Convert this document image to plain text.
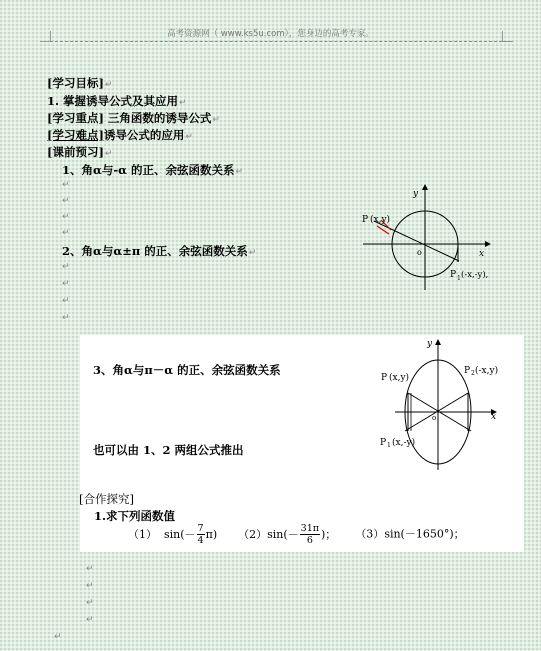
高考资源网（ www.ks5u.com），您身边的高考专家。
[学习目标]↵
1. 掌握诱导公式及其应用↵
[学习重点] 三角函数的诱导公式↵
[学习难点]诱导公式的应用↵
[课前预习]↵
1、角α与-α 的正、余弦函数关系↵
↵
↵
↵
↵
2、角α与α±π 的正、余弦函数关系↵
↵
↵
↵
↵
y
x
o
P (x,y)
P 1 (-x,-y),
3、角α与π－α 的正、余弦函数关系
也可以由 1、2 两组公式推出
[合作探究]
1.求下列函数值
（1） $\sin(- \frac{7}{4} \pi)$ $(2)\sin(- \frac{31\pi}{6}$ )； （3）sin(－1650°)；
y
x
o
P (x,y)
P 2 (-x,y)
P 1 (x,-y)
↵
↵
↵
↵
↵
